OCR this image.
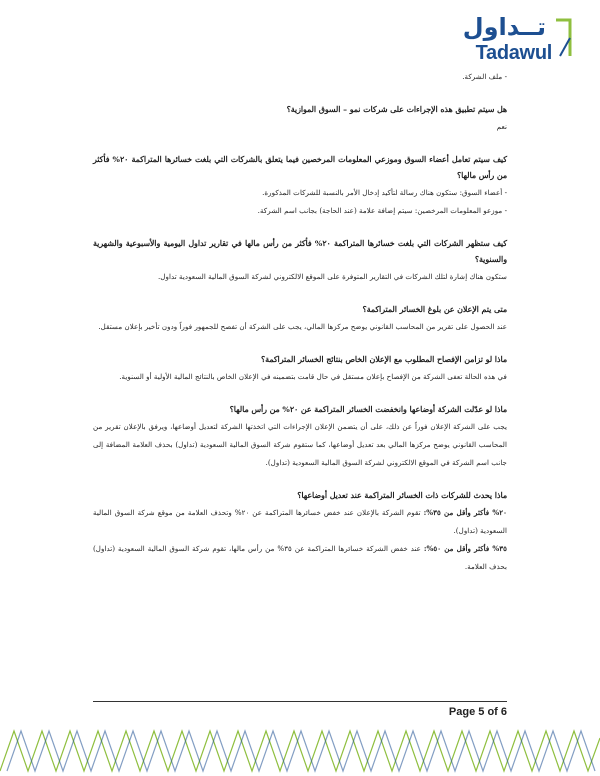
تــداول
Tadawul
- ملف الشركة.
هل سيتم تطبيق هذه الإجراءات على شركات نمو – السوق الموازية؟
نعم
كيف سيتم تعامل أعضاء السوق وموزعي المعلومات المرخصين فيما يتعلق بالشركات التي بلغت خسائرها المتراكمة ٢٠% فأكثر من رأس مالها؟
- أعضاء السوق: ستكون هناك رسالة لتأكيد إدخال الأمر بالنسبة للشركات المذكورة.
- موزعو المعلومات المرخصين: سيتم إضافة علامة (عند الحاجة) بجانب اسم الشركة.
كيف ستظهر الشركات التي بلغت خسائرها المتراكمة ٢٠% فأكثر من رأس مالها في تقارير تداول اليومية والأسبوعية والشهرية والسنوية؟
ستكون هناك إشارة لتلك الشركات في التقارير المتوفرة على الموقع الالكتروني لشركة السوق المالية السعودية تداول.
متى يتم الإعلان عن بلوغ الخسائر المتراكمة؟
عند الحصول على تقرير من المحاسب القانوني يوضح مركزها المالي، يجب على الشركة أن تفصح للجمهور فوراً ودون تأخير بإعلان مستقل.
ماذا لو تزامن الإفصاح المطلوب مع الإعلان الخاص بنتائج الخسائر المتراكمة؟
في هذه الحالة تعفى الشركة من الإفصاح بإعلان مستقل في حال قامت بتضمينه في الإعلان الخاص بالنتائج المالية الأولية أو السنوية.
ماذا لو عدّلت الشركة أوضاعها وانخفضت الخسائر المتراكمة عن ٢٠% من رأس مالها؟
يجب على الشركة الإعلان فوراً عن ذلك، على أن يتضمن الإعلان الإجراءات التي اتخذتها الشركة لتعديل أوضاعها، ويرفق بالإعلان تقرير من المحاسب القانوني يوضح مركزها المالي بعد تعديل أوضاعها، كما ستقوم شركة السوق المالية السعودية (تداول) بحذف العلامة المضافة إلى جانب اسم الشركة في الموقع الالكتروني لشركة السوق المالية السعودية (تداول).
ماذا يحدث للشركات ذات الخسائر المتراكمة عند تعديل أوضاعها؟
٢٠% فأكثر وأقل من ٣٥%: تقوم الشركة بالإعلان عند خفض خسائرها المتراكمة عن ٢٠% وتحذف العلامة من موقع شركة السوق المالية السعودية (تداول).
٣٥% فأكثر وأقل من ٥٠%: عند خفض الشركة خسائرها المتراكمة عن ٣٥% من رأس مالها، تقوم شركة السوق المالية السعودية (تداول) بحذف العلامة.
Page 5 of 6
